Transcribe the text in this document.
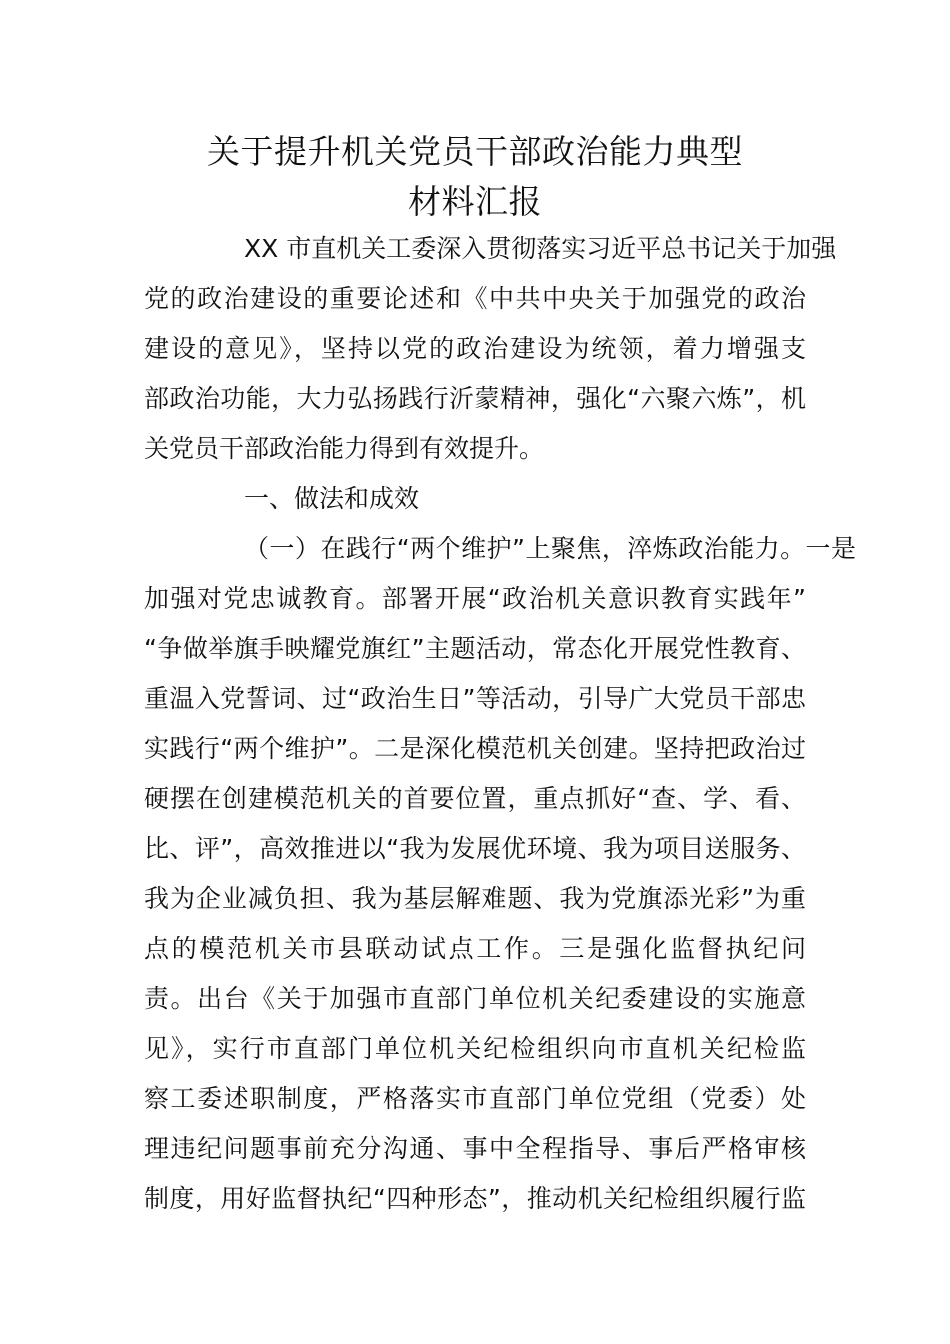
关于提升机关党员干部政治能力典型
材料汇报
XX 市直机关工委深入贯彻落实习近平总书记关于加强
党的政治建设的重要论述和《中共中央关于加强党的政治
建设的意见》，坚持以党的政治建设为统领，着力增强支
部政治功能，大力弘扬践行沂蒙精神，强化“六聚六炼”，机
关党员干部政治能力得到有效提升。
一、做法和成效
（一）在践行“两个维护”上聚焦，淬炼政治能力。一是
加强对党忠诚教育。部署开展“政治机关意识教育实践年”
“争做举旗手映耀党旗红”主题活动，常态化开展党性教育、
重温入党誓词、过“政治生日”等活动，引导广大党员干部忠
实践行“两个维护”。二是深化模范机关创建。坚持把政治过
硬摆在创建模范机关的首要位置，重点抓好“查、学、看、
比、评”，高效推进以“我为发展优环境、我为项目送服务、
我为企业减负担、我为基层解难题、我为党旗添光彩”为重
点的模范机关市县联动试点工作。三是强化监督执纪问
责。出台《关于加强市直部门单位机关纪委建设的实施意
见》，实行市直部门单位机关纪检组织向市直机关纪检监
察工委述职制度，严格落实市直部门单位党组（党委）处
理违纪问题事前充分沟通、事中全程指导、事后严格审核
制度，用好监督执纪“四种形态”，推动机关纪检组织履行监
